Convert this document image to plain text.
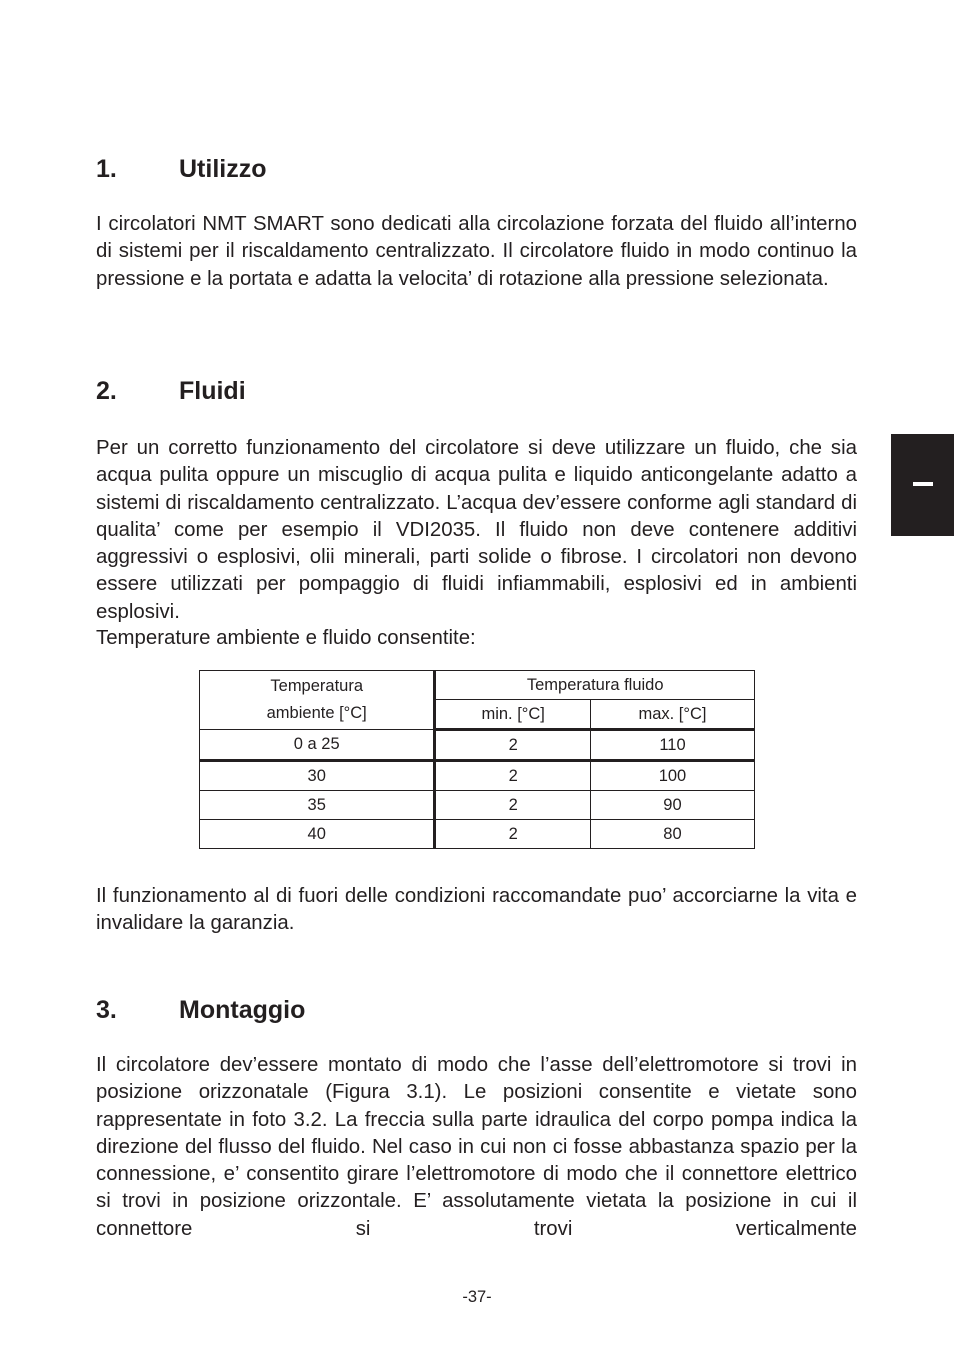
1. Utilizzo

I circolatori NMT SMART sono dedicati alla circolazione forzata del fluido all’interno di sistemi per il riscaldamento centralizzato. Il circolatore fluido in modo continuo la pressione e la portata e adatta la velocita’ di rotazione alla pressione selezionata.

2. Fluidi

Per un corretto funzionamento del circolatore si deve utilizzare un fluido, che sia acqua pulita oppure un miscuglio di acqua pulita e liquido anticongelante adatto a sistemi di riscaldamento centralizzato. L’acqua dev’essere conforme agli standard di qualita’ come per esempio il VDI2035. Il fluido non deve contenere additivi aggressivi o esplosivi, olii minerali, parti solide o fibrose. I circolatori non devono essere utilizzati per pompaggio di fluidi infiammabili, esplosivi ed in ambienti esplosivi.

Temperature ambiente e fluido consentite:

Temperatura
ambiente [°C]	Temperatura fluido	
	min. [°C]	max. [°C]
0 a 25	2	110
30	2	100
35	2	90
40	2	80

Il funzionamento al di fuori delle condizioni raccomandate puo’ accorciarne la vita e invalidare la garanzia.

3. Montaggio

Il circolatore dev’essere montato di modo che l’asse dell’elettromotore si trovi in posizione orizzonatale (Figura 3.1). Le posizioni consentite e vietate sono rappresentate in foto 3.2. La freccia sulla parte idraulica del corpo pompa indica la direzione del flusso del fluido. Nel caso in cui non ci fosse abbastanza spazio per la connessione, e’ consentito girare l’elettromotore di modo che il connettore elettrico si trovi in posizione orizzontale. E’ assolutamente vietata la posizione in cui il connettore si trovi verticalmente

-37-
